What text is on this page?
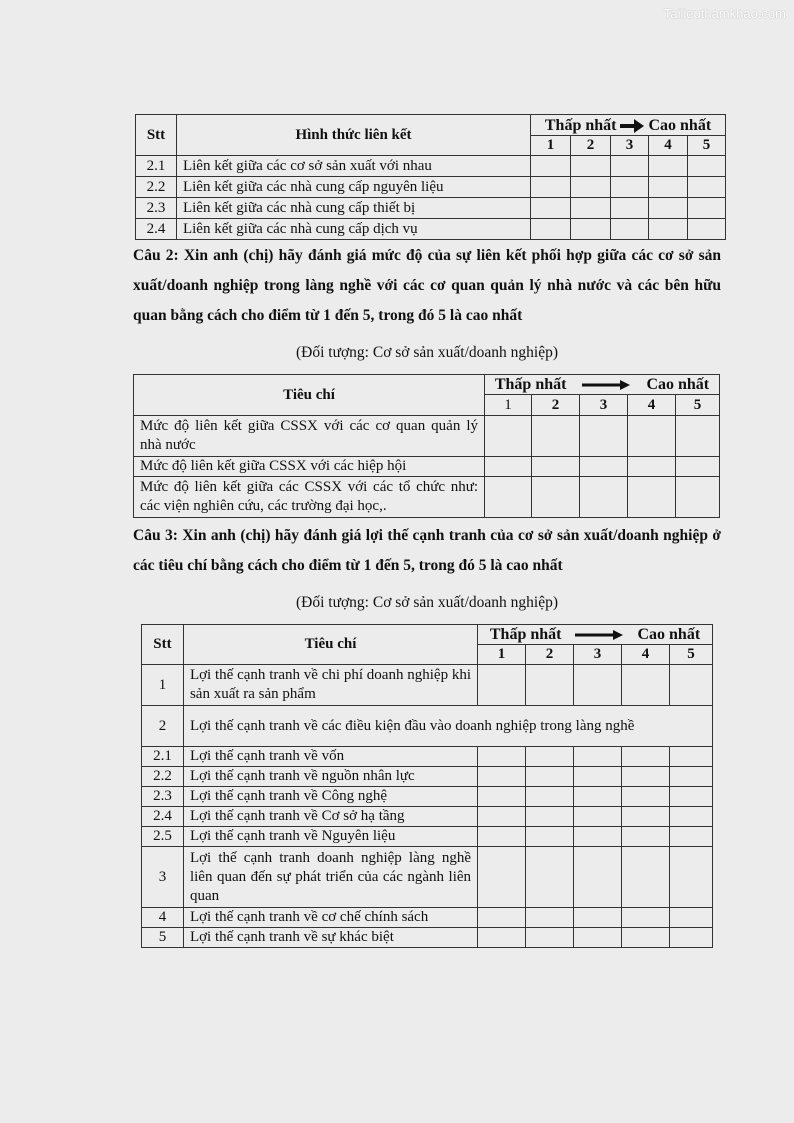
Tailieuthamkhao.com
Stt	Hình thức liên kết	Thấp nhất Cao nhất				
		1	2	3	4	5
2.1	Liên kết giữa các cơ sở sản xuất với nhau					
2.2	Liên kết giữa các nhà cung cấp nguyên liệu					
2.3	Liên kết giữa các nhà cung cấp thiết bị					
2.4	Liên kết giữa các nhà cung cấp dịch vụ					
Câu 2: Xin anh (chị) hãy đánh giá mức độ của sự liên kết phối hợp giữa các cơ sở sản xuất/doanh nghiệp trong làng nghề với các cơ quan quản lý nhà nước và các bên hữu quan bằng cách cho điểm từ 1 đến 5, trong đó 5 là cao nhất
(Đối tượng: Cơ sở sản xuất/doanh nghiệp)
Tiêu chí	Thấp nhất Cao nhất				
	1	2	3	4	5
Mức độ liên kết giữa CSSX với các cơ quan quản lý nhà nước					
Mức độ liên kết giữa CSSX với các hiệp hội					
Mức độ liên kết giữa các CSSX với các tổ chức như: các viện nghiên cứu, các trường đại học,.					
Câu 3: Xin anh (chị) hãy đánh giá lợi thế cạnh tranh của cơ sở sản xuất/doanh nghiệp ở các tiêu chí bằng cách cho điểm từ 1 đến 5, trong đó 5 là cao nhất
(Đối tượng: Cơ sở sản xuất/doanh nghiệp)
Stt	Tiêu chí	Thấp nhất Cao nhất				
		1	2	3	4	5
1	Lợi thế cạnh tranh về chi phí doanh nghiệp khi sản xuất ra sản phẩm					
2	Lợi thế cạnh tranh về các điều kiện đầu vào doanh nghiệp trong làng nghề					
2.1	Lợi thế cạnh tranh về vốn					
2.2	Lợi thế cạnh tranh về nguồn nhân lực					
2.3	Lợi thế cạnh tranh về Công nghệ					
2.4	Lợi thế cạnh tranh về Cơ sở hạ tầng					
2.5	Lợi thế cạnh tranh về Nguyên liệu					
3	Lợi thế cạnh tranh doanh nghiệp làng nghề liên quan đến sự phát triển của các ngành liên quan					
4	Lợi thế cạnh tranh về cơ chế chính sách					
5	Lợi thế cạnh tranh về sự khác biệt					
